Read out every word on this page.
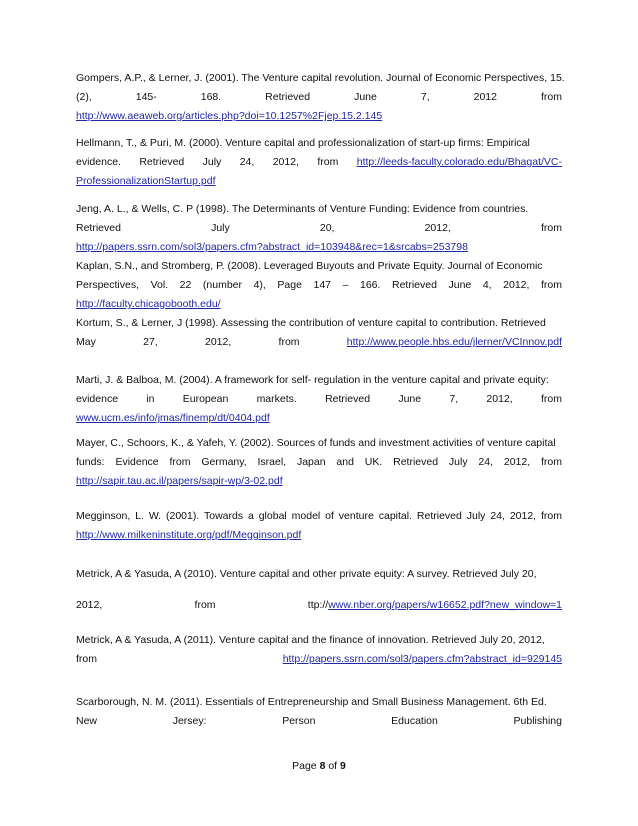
Gompers, A.P., & Lerner, J. (2001). The Venture capital revolution. Journal of Economic Perspectives, 15.
(2),	145-	168.	Retrieved	June	7,	2012	from
http://www.aeaweb.org/articles.php?doi=10.1257%2Fjep.15.2.145
Hellmann, T., & Puri, M. (2000). Venture capital and professionalization of start-up firms: Empirical
evidence. Retrieved July 24, 2012, from http://leeds-faculty.colorado.edu/Bhagat/VC-
ProfessionalizationStartup.pdf
Jeng, A. L., & Wells, C. P (1998). The Determinants of Venture Funding: Evidence from countries.
Retrieved	July	20,	2012,	from
http://papers.ssrn.com/sol3/papers.cfm?abstract_id=103948&rec=1&srcabs=253798
Kaplan, S.N., and Stromberg, P. (2008). Leveraged Buyouts and Private Equity. Journal of Economic
Perspectives, Vol. 22 (number 4), Page 147 – 166. Retrieved June 4, 2012, from
http://faculty.chicagobooth.edu/
Kortum, S., & Lerner, J (1998). Assessing the contribution of venture capital to contribution. Retrieved
May	27,	2012,	from	http://www.people.hbs.edu/jlerner/VCInnov.pdf
Marti, J. & Balboa, M. (2004). A framework for self- regulation in the venture capital and private equity:
evidence	in	European	markets.	Retrieved	June	7,	2012,	from
www.ucm.es/info/jmas/finemp/dt/0404.pdf
Mayer, C., Schoors, K., & Yafeh, Y. (2002). Sources of funds and investment activities of venture capital
funds: Evidence from Germany, Israel, Japan and UK. Retrieved July 24, 2012, from
http://sapir.tau.ac.il/papers/sapir-wp/3-02.pdf
Megginson, L. W. (2001). Towards a global model of venture capital. Retrieved July 24, 2012, from
http://www.milkeninstitute.org/pdf/Megginson.pdf
Metrick, A & Yasuda, A (2010). Venture capital and other private equity: A survey. Retrieved July 20,
2012,	from	ttp://www.nber.org/papers/w16652.pdf?new_window=1
Metrick, A & Yasuda, A (2011). Venture capital and the finance of innovation. Retrieved July 20, 2012,
from	http://papers.ssrn.com/sol3/papers.cfm?abstract_id=929145
Scarborough, N. M. (2011). Essentials of Entrepreneurship and Small Business Management. 6th Ed.
New	Jersey:	Person	Education	Publishing
Page 8 of 9
